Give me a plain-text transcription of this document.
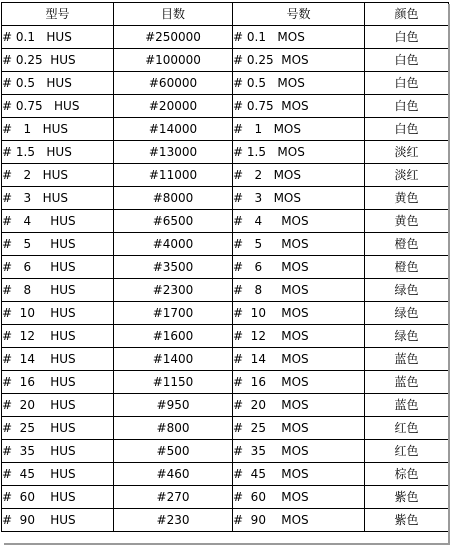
型号	目数	号数	颜色
# 0.1   HUS	#250000	# 0.1   MOS	白色
# 0.25  HUS	#100000	# 0.25  MOS	白色
# 0.5   HUS	#60000	# 0.5   MOS	白色
# 0.75   HUS	#20000	# 0.75  MOS	白色
#   1   HUS	#14000	#   1   MOS	白色
# 1.5   HUS	#13000	# 1.5   MOS	淡红
#   2   HUS	#11000	#   2   MOS	淡红
#   3   HUS	#8000	#   3   MOS	黄色
#   4     HUS	#6500	#   4     MOS	黄色
#   5     HUS	#4000	#   5     MOS	橙色
#   6     HUS	#3500	#   6     MOS	橙色
#   8     HUS	#2300	#   8     MOS	绿色
#  10    HUS	#1700	#  10    MOS	绿色
#  12    HUS	#1600	#  12    MOS	绿色
#  14    HUS	#1400	#  14    MOS	蓝色
#  16    HUS	#1150	#  16    MOS	蓝色
#  20    HUS	#950	#  20    MOS	蓝色
#  25    HUS	#800	#  25    MOS	红色
#  35    HUS	#500	#  35    MOS	红色
#  45    HUS	#460	#  45    MOS	棕色
#  60    HUS	#270	#  60    MOS	紫色
#  90    HUS	#230	#  90    MOS	紫色
